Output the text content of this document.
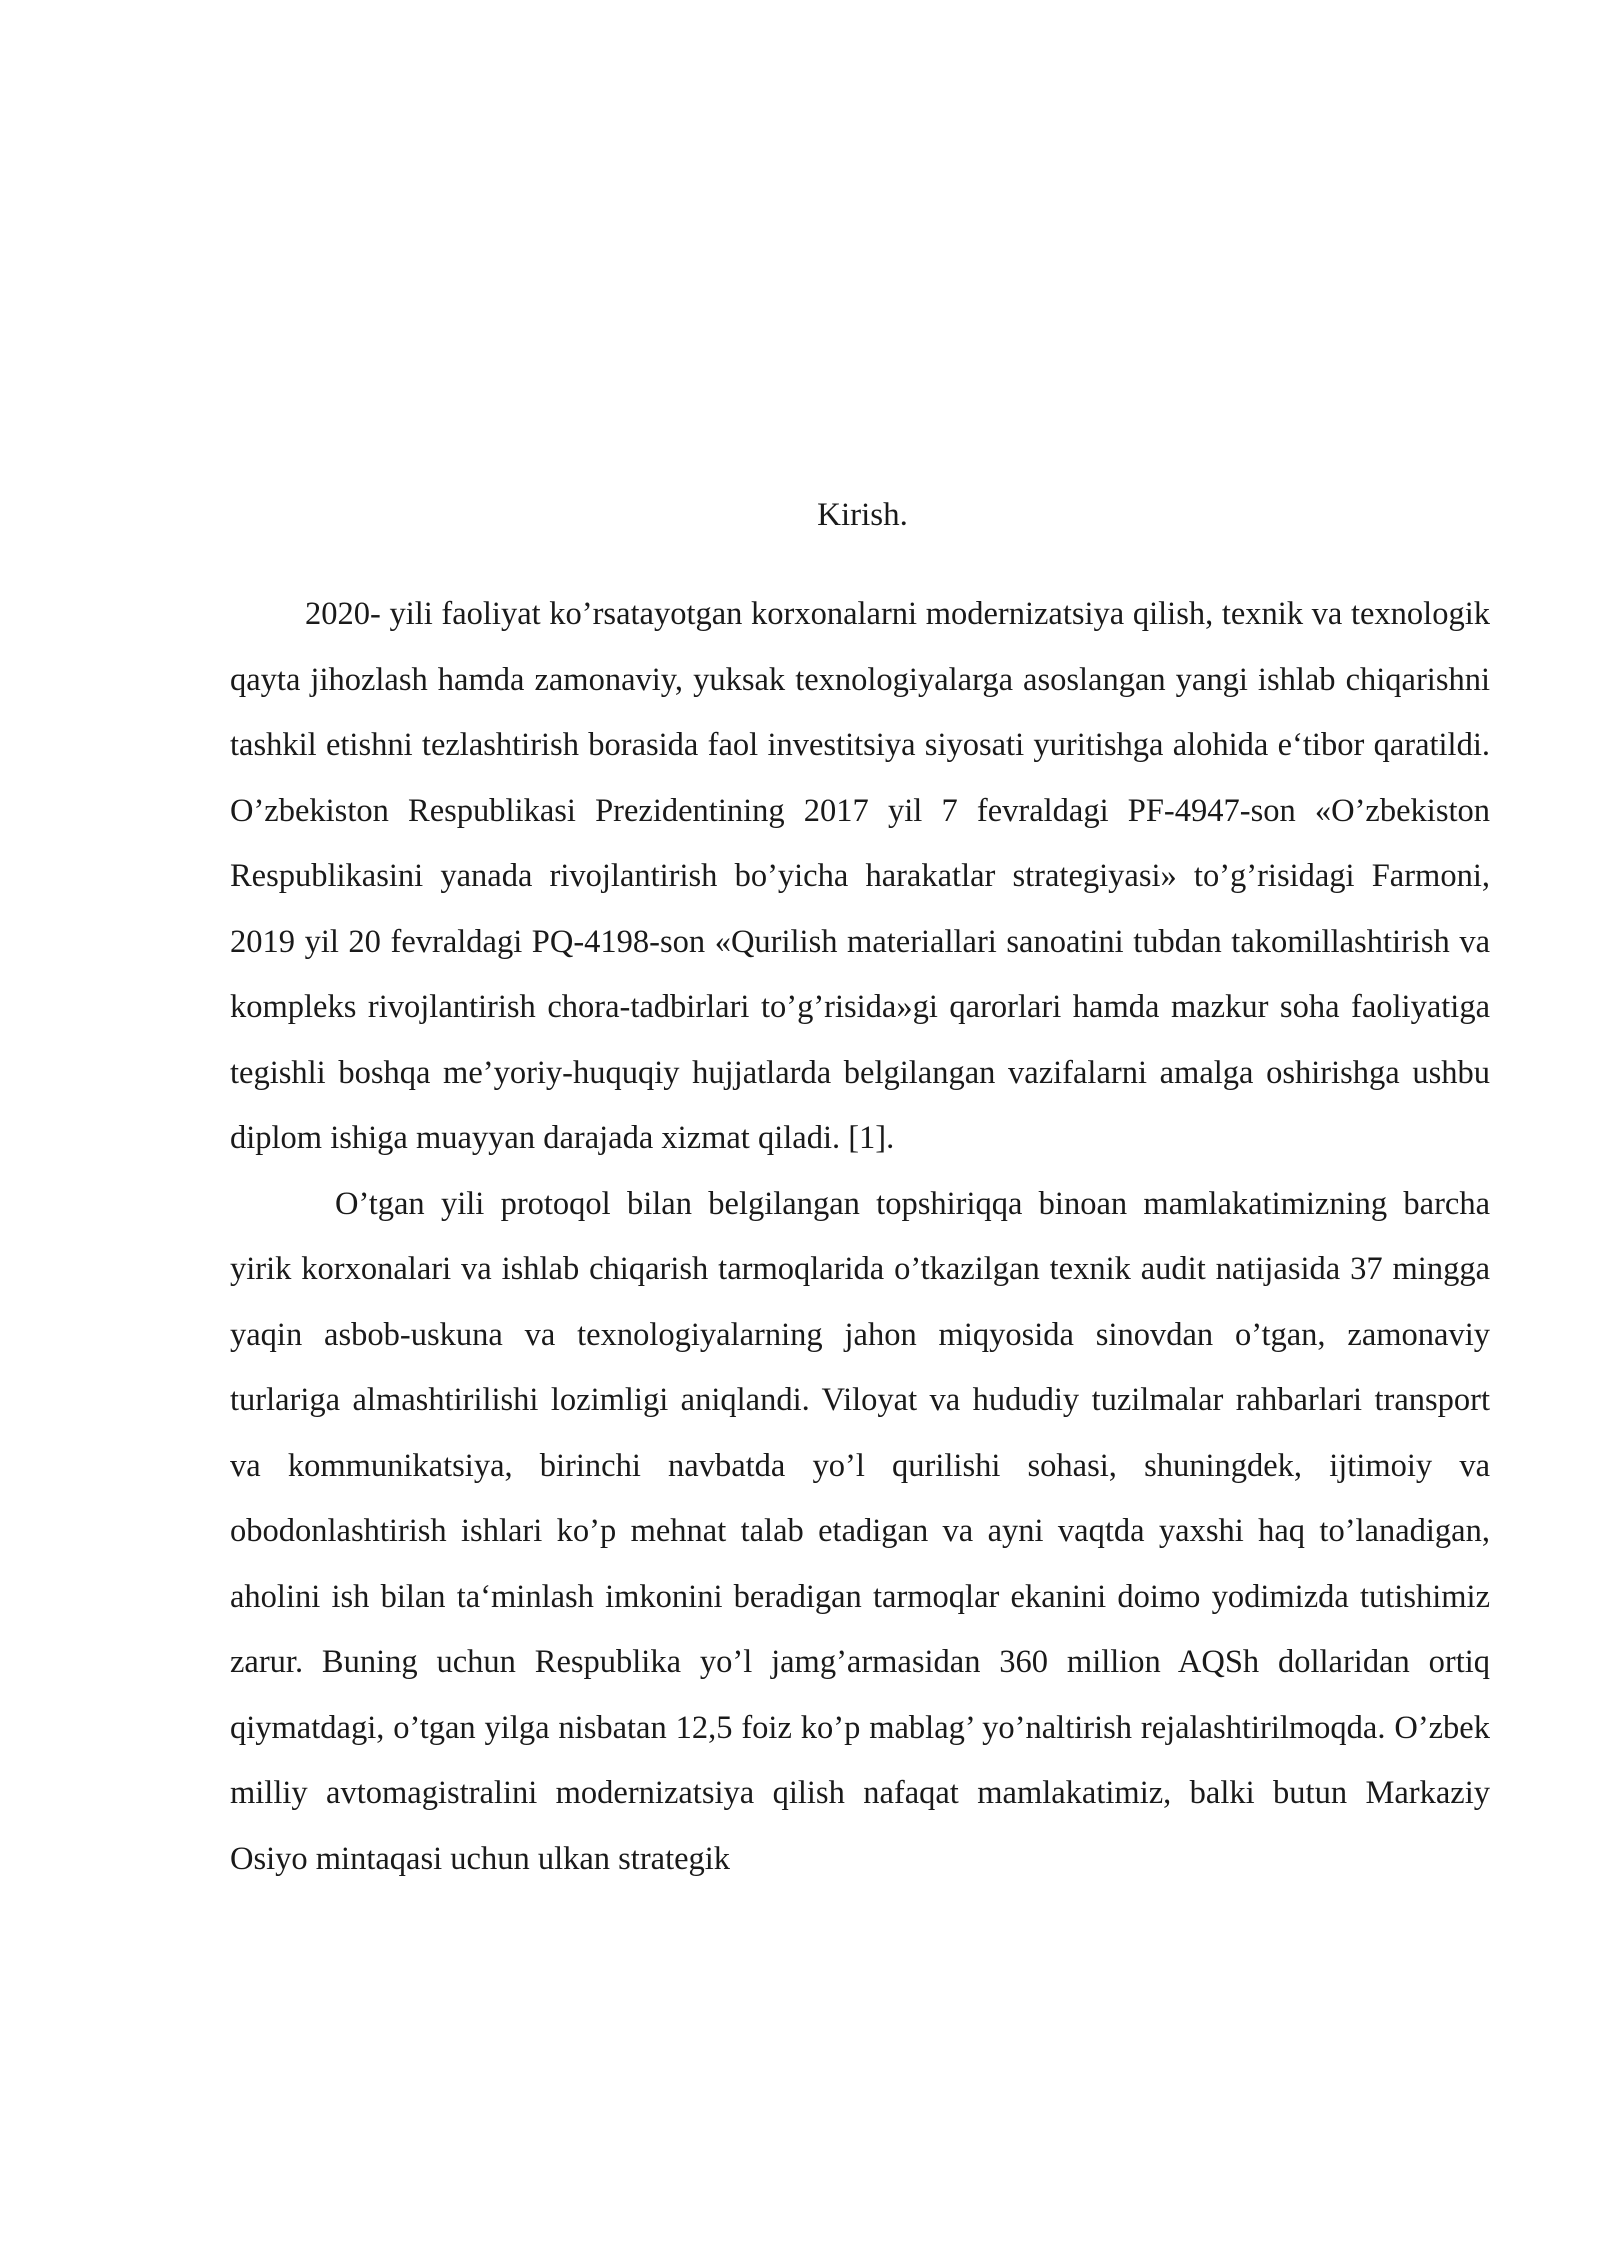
Kirish.

2020- yili faoliyat ko’rsatayotgan korxonalarni modernizatsiya qilish, texnik va texnologik qayta jihozlash hamda zamonaviy, yuksak texnologiyalarga asoslangan yangi ishlab chiqarishni tashkil etishni tezlashtirish borasida faol investitsiya siyosati yuritishga alohida e‘tibor qaratildi. O’zbekiston Respublikasi Prezidentining 2017 yil 7 fevraldagi PF-4947-son «O’zbekiston Respublikasini yanada rivojlantirish bo’yicha harakatlar strategiyasi» to’g’risidagi Farmoni, 2019 yil 20 fevraldagi PQ-4198-son «Qurilish materiallari sanoatini tubdan takomillashtirish va kompleks rivojlantirish chora-tadbirlari to’g’risida»gi qarorlari hamda mazkur soha faoliyatiga tegishli boshqa me’yoriy-huquqiy hujjatlarda belgilangan vazifalarni amalga oshirishga ushbu diplom ishiga muayyan darajada xizmat qiladi. [1].

O’tgan yili protoqol bilan belgilangan topshiriqqa binoan mamlakatimizning barcha yirik korxonalari va ishlab chiqarish tarmoqlarida o’tkazilgan texnik audit natijasida 37 mingga yaqin asbob-uskuna va texnologiyalarning jahon miqyosida sinovdan o’tgan, zamonaviy turlariga almashtirilishi lozimligi aniqlandi. Viloyat va hududiy tuzilmalar rahbarlari transport va kommunikatsiya, birinchi navbatda yo’l qurilishi sohasi, shuningdek, ijtimoiy va obodonlashtirish ishlari ko’p mehnat talab etadigan va ayni vaqtda yaxshi haq to’lanadigan, aholini ish bilan ta‘minlash imkonini beradigan tarmoqlar ekanini doimo yodimizda tutishimiz zarur. Buning uchun Respublika yo’l jamg’armasidan 360 million AQSh dollaridan ortiq qiymatdagi, o’tgan yilga nisbatan 12,5 foiz ko’p mablag’ yo’naltirish rejalashtirilmoqda. O’zbek milliy avtomagistralini modernizatsiya qilish nafaqat mamlakatimiz, balki butun Markaziy Osiyo mintaqasi uchun ulkan strategik
